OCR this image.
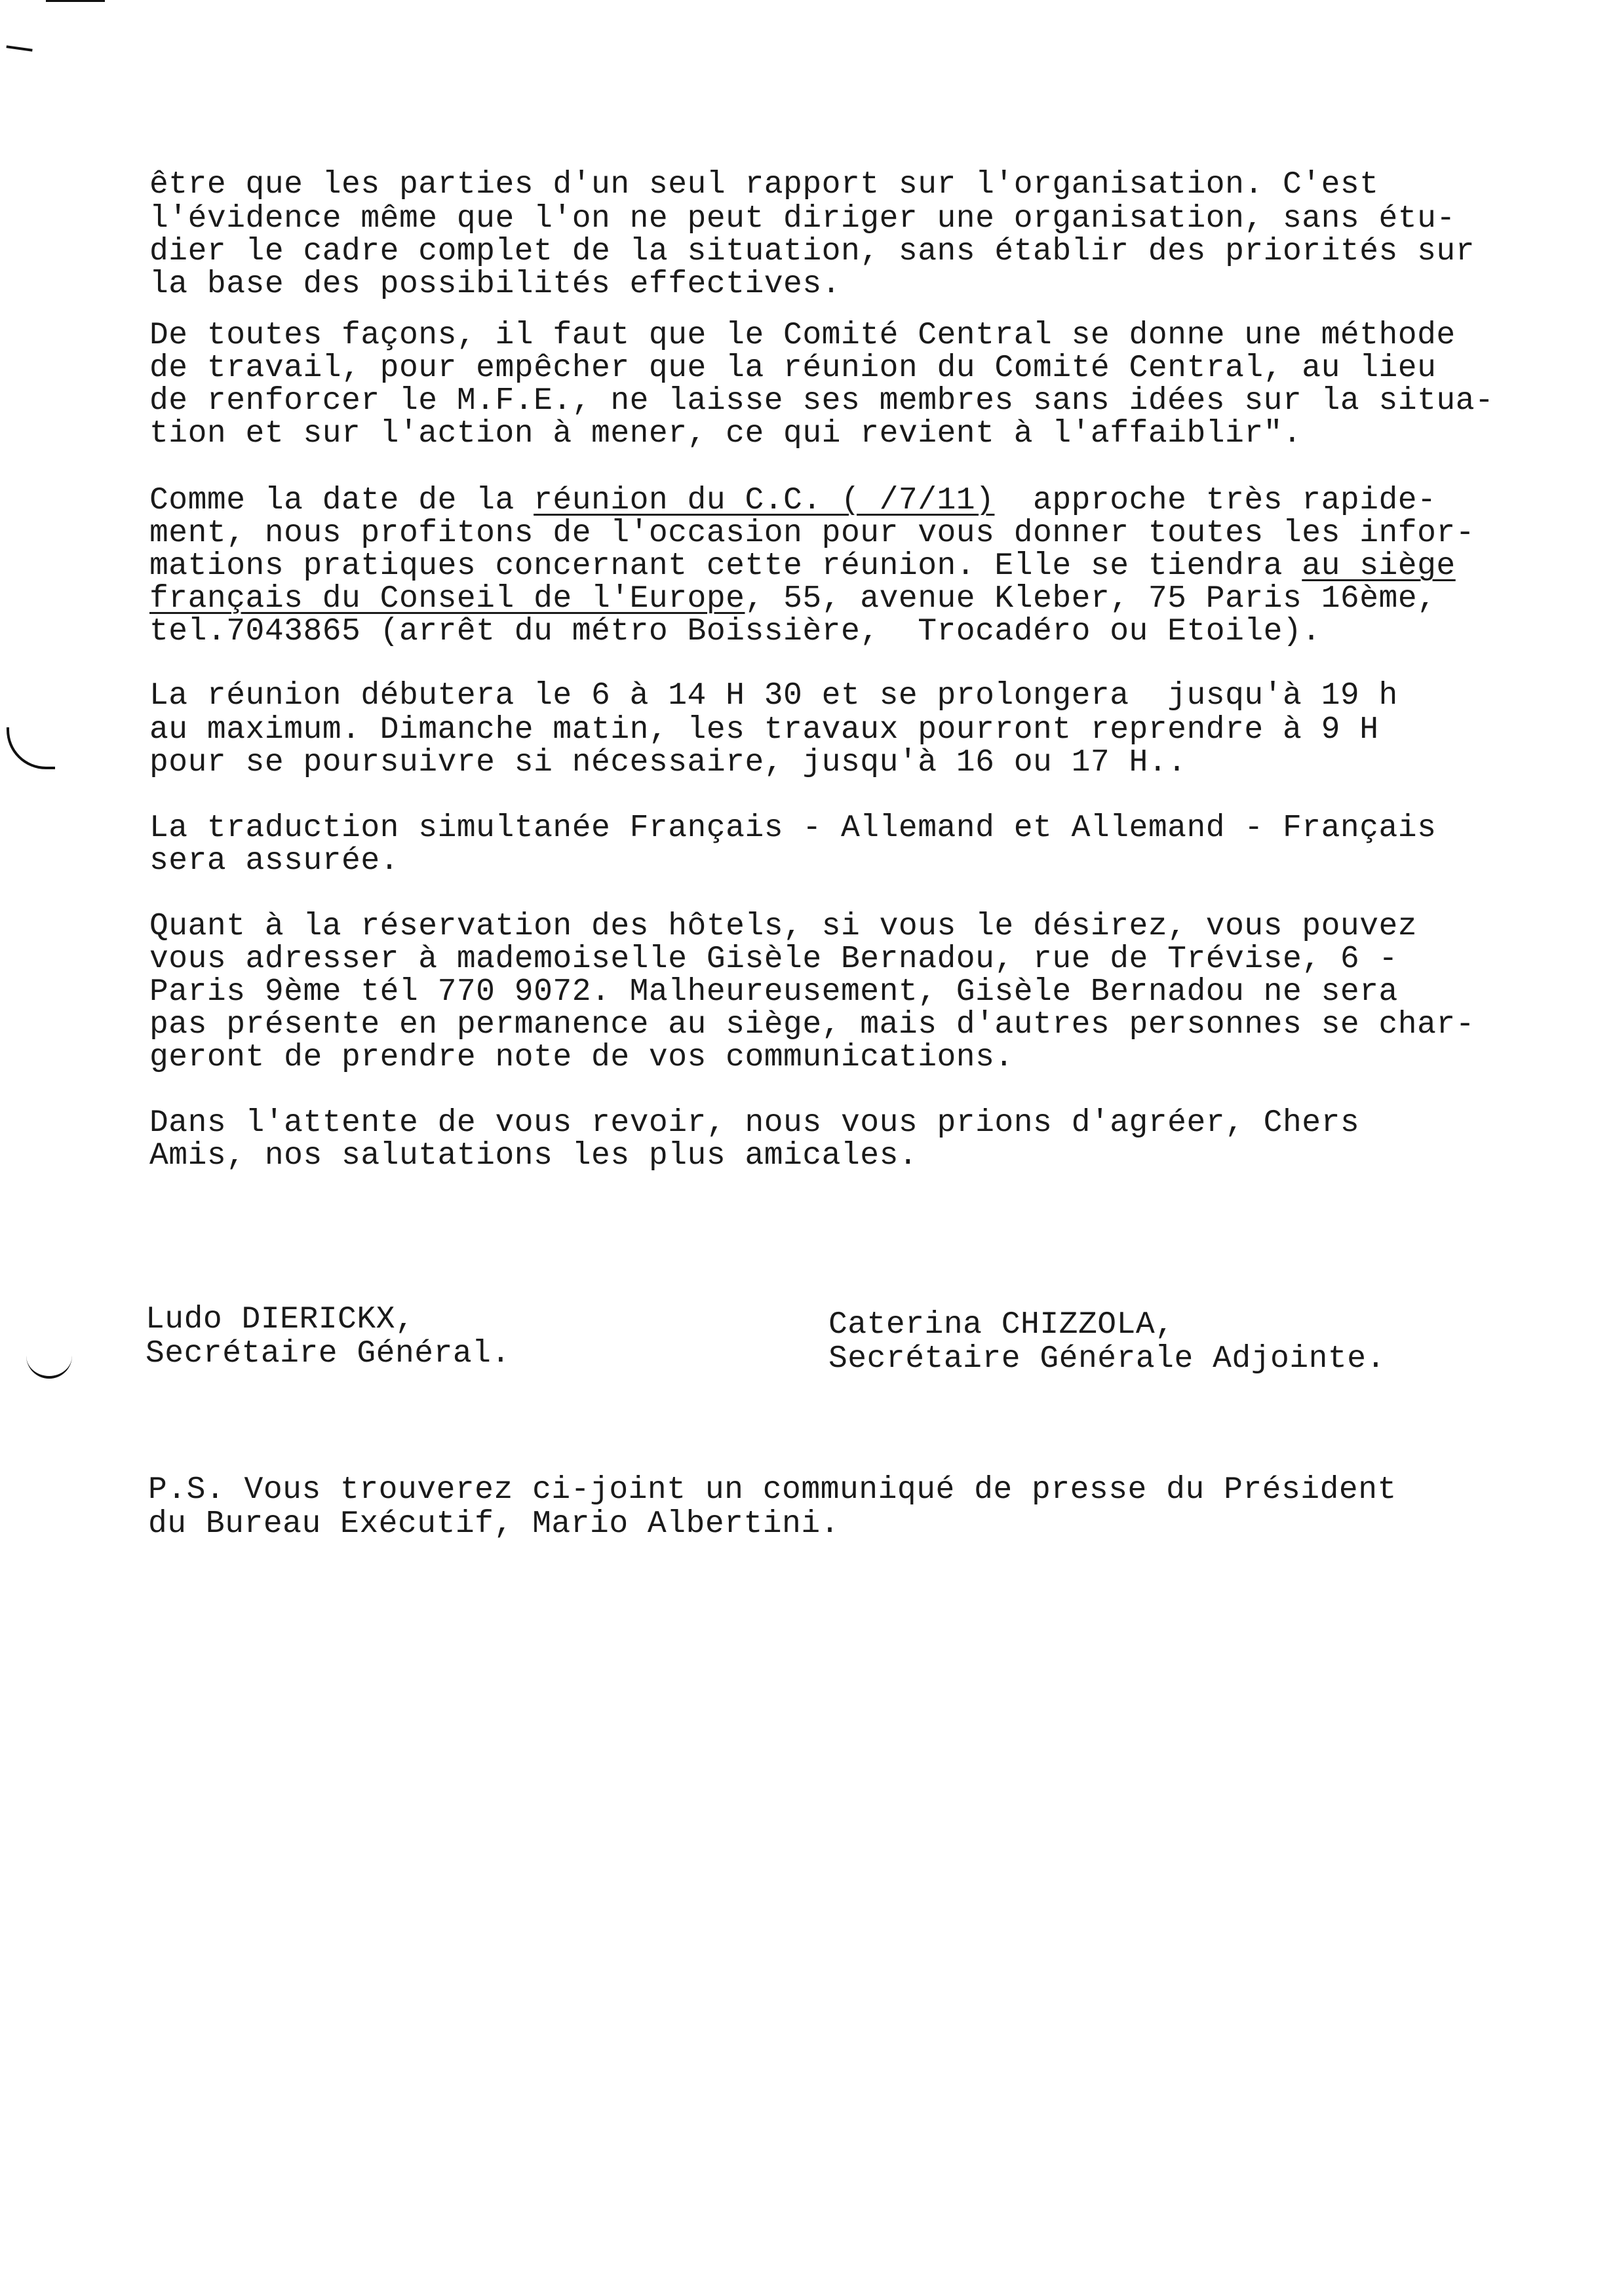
être que les parties d'un seul rapport sur l'organisation. C'est
l'évidence même que l'on ne peut diriger une organisation, sans étu-
dier le cadre complet de la situation, sans établir des priorités sur
la base des possibilités effectives.
De toutes façons, il faut que le Comité Central se donne une méthode
de travail, pour empêcher que la réunion du Comité Central, au lieu
de renforcer le M.F.E., ne laisse ses membres sans idées sur la situa-
tion et sur l'action à mener, ce qui revient à l'affaiblir".
Comme la date de la réunion du C.C. ( /7/11)  approche très rapide-
ment, nous profitons de l'occasion pour vous donner toutes les infor-
mations pratiques concernant cette réunion. Elle se tiendra au siège
français du Conseil de l'Europe, 55, avenue Kleber, 75 Paris 16ème,
tel.7043865 (arrêt du métro Boissière,  Trocadéro ou Etoile).
La réunion débutera le 6 à 14 H 30 et se prolongera  jusqu'à 19 h
au maximum. Dimanche matin, les travaux pourront reprendre à 9 H
pour se poursuivre si nécessaire, jusqu'à 16 ou 17 H..
La traduction simultanée Français - Allemand et Allemand - Français
sera assurée.
Quant à la réservation des hôtels, si vous le désirez, vous pouvez
vous adresser à mademoiselle Gisèle Bernadou, rue de Trévise, 6 -
Paris 9ème tél 770 9072. Malheureusement, Gisèle Bernadou ne sera
pas présente en permanence au siège, mais d'autres personnes se char-
geront de prendre note de vos communications.
Dans l'attente de vous revoir, nous vous prions d'agréer, Chers
Amis, nos salutations les plus amicales.
Ludo DIERICKX,
Secrétaire Général.
Caterina CHIZZOLA,
Secrétaire Générale Adjointe.
P.S. Vous trouverez ci-joint un communiqué de presse du Président
du Bureau Exécutif, Mario Albertini.
